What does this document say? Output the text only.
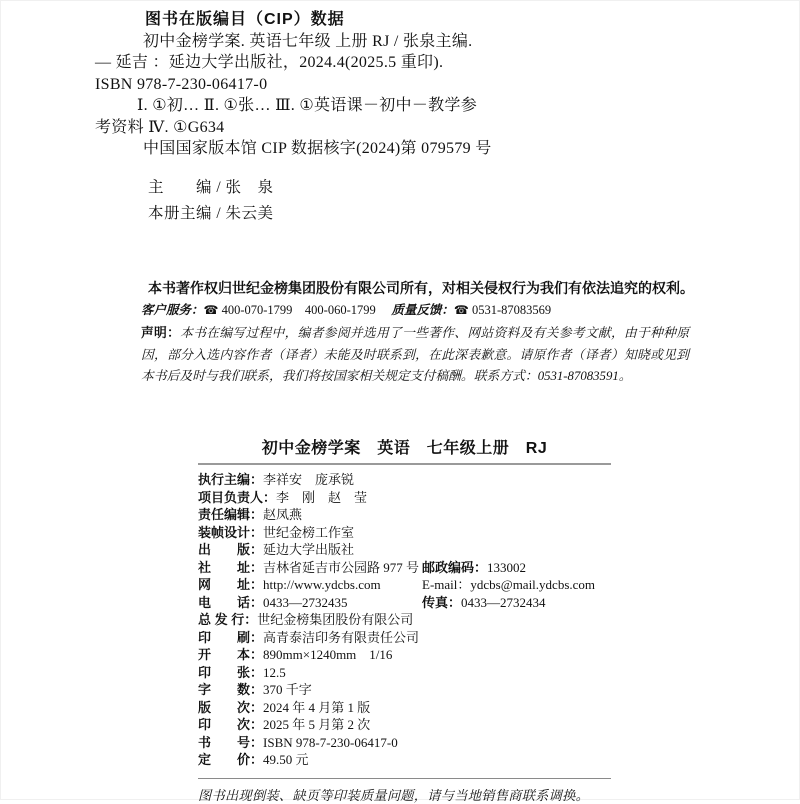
图书在版编目（CIP）数据
初中金榜学案. 英语七年级 上册 RJ / 张泉主编.
— 延吉 ：延边大学出版社，2024.4(2025.5 重印).
ISBN 978-7-230-06417-0
Ⅰ. ①初… Ⅱ. ①张… Ⅲ. ①英语课－初中－教学参
考资料 Ⅳ. ①G634
中国国家版本馆 CIP 数据核字(2024)第 079579 号
主　　编 / 张　泉
本册主编 / 朱云美
本书著作权归世纪金榜集团股份有限公司所有，对相关侵权行为我们有依法追究的权利。
客户服务：☎ 400-070-1799　400-060-1799　 质量反馈：☎ 0531-87083569
声明：本书在编写过程中，编者参阅并选用了一些著作、网站资料及有关参考文献，由于种种原因，部分入选内容作者（译者）未能及时联系到，在此深表歉意。请原作者（译者）知晓或见到本书后及时与我们联系，我们将按国家相关规定支付稿酬。联系方式：0531-87083591。
初中金榜学案　英语　七年级上册　RJ
执行主编：李祥安　庞承锐
项目负责人：李　刚　赵　莹
责任编辑：赵凤燕
装帧设计：世纪金榜工作室
出　　版：延边大学出版社
社　　址：吉林省延吉市公园路 977 号 邮政编码：133002
网　　址：http://www.ydcbs.com	E-mail：ydcbs@mail.ydcbs.com
电　　话：0433—2732435	传真：0433—2732434
总 发 行：世纪金榜集团股份有限公司
印　　刷：高青泰洁印务有限责任公司
开　　本：890mm×1240mm　1/16
印　　张：12.5
字　　数：370 千字
版　　次：2024 年 4 月第 1 版
印　　次：2025 年 5 月第 2 次
书　　号：ISBN 978-7-230-06417-0
定　　价：49.50 元
图书出现倒装、缺页等印装质量问题，请与当地销售商联系调换。
